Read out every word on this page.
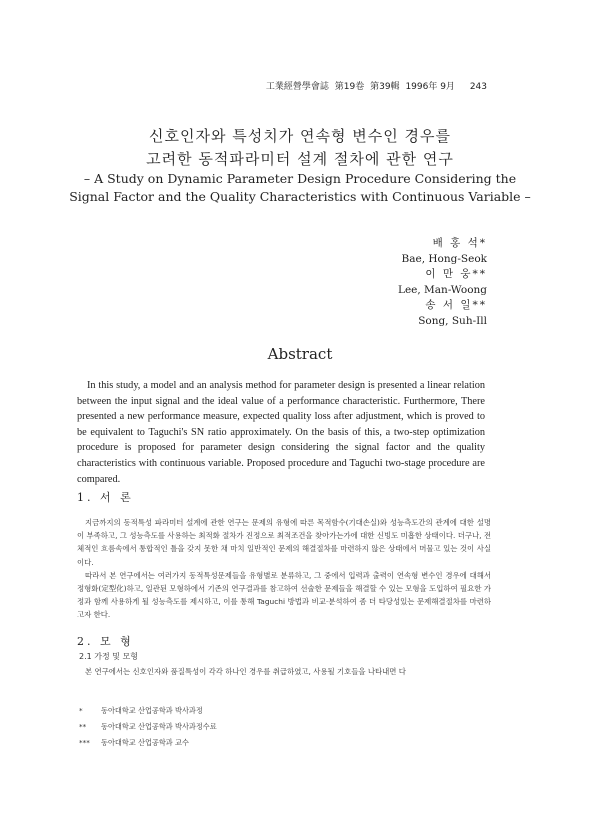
工業經營學會誌 第19卷 第39輯 1996年 9月 243
신호인자와 특성치가 연속형 변수인 경우를
고려한 동적파라미터 설계 절차에 관한 연구
– A Study on Dynamic Parameter Design Procedure Considering the
Signal Factor and the Quality Characteristics with Continuous Variable –
배 홍 석*
Bae, Hong-Seok
이 만 웅**
Lee, Man-Woong
송 서 일**
Song, Suh-Ill
Abstract

In this study, a model and an analysis method for parameter design is presented a linear relation between the input signal and the ideal value of a performance characteristic. Furthermore, There presented a new performance measure, expected quality loss after adjustment, which is proved to be equivalent to Taguchi's SN ratio approximately. On the basis of this, a two-step optimization procedure is proposed for parameter design considering the signal factor and the quality characteristics with continuous variable. Proposed procedure and Taguchi two-stage procedure are compared.

1. 서 론

지금까지의 동적특성 파라미터 설계에 관한 연구는 문제의 유형에 따른 목적함수(기대손실)와 성능측도간의 관계에 대한 설명이 부족하고, 그 성능측도를 사용하는 최적화 절차가 진정으로 최적조건을 찾아가는가에 대한 신빙도 미흡한 상태이다. 더구나, 전체적인 흐름속에서 통합적인 틀을 갖지 못한 채 마치 일반적인 문제의 해결절차를 마련하지 않은 상태에서 머물고 있는 것이 사실이다.

따라서 본 연구에서는 여러가지 동적특성문제들을 유형별로 분류하고, 그 중에서 입력과 출력이 연속형 변수인 경우에 대해서 정형화(定型化)하고, 일관된 모형하에서 기존의 연구결과를 참고하여 선술한 문제들을 해결할 수 있는 모형을 도입하여 필요한 가정과 함께 사용하게 될 성능측도를 제시하고, 이를 통해 Taguchi 방법과 비교·분석하여 좀 더 타당성있는 문제해결절차를 마련하고자 한다.

2. 모 형
2.1 가정 및 모형
본 연구에서는 신호인자와 품질특성이 각각 하나인 경우를 취급하였고, 사용될 기호들을 나타내면 다
*	동아대학교 산업공학과 박사과정
**	동아대학교 산업공학과 박사과정수료
***	동아대학교 산업공학과 교수
